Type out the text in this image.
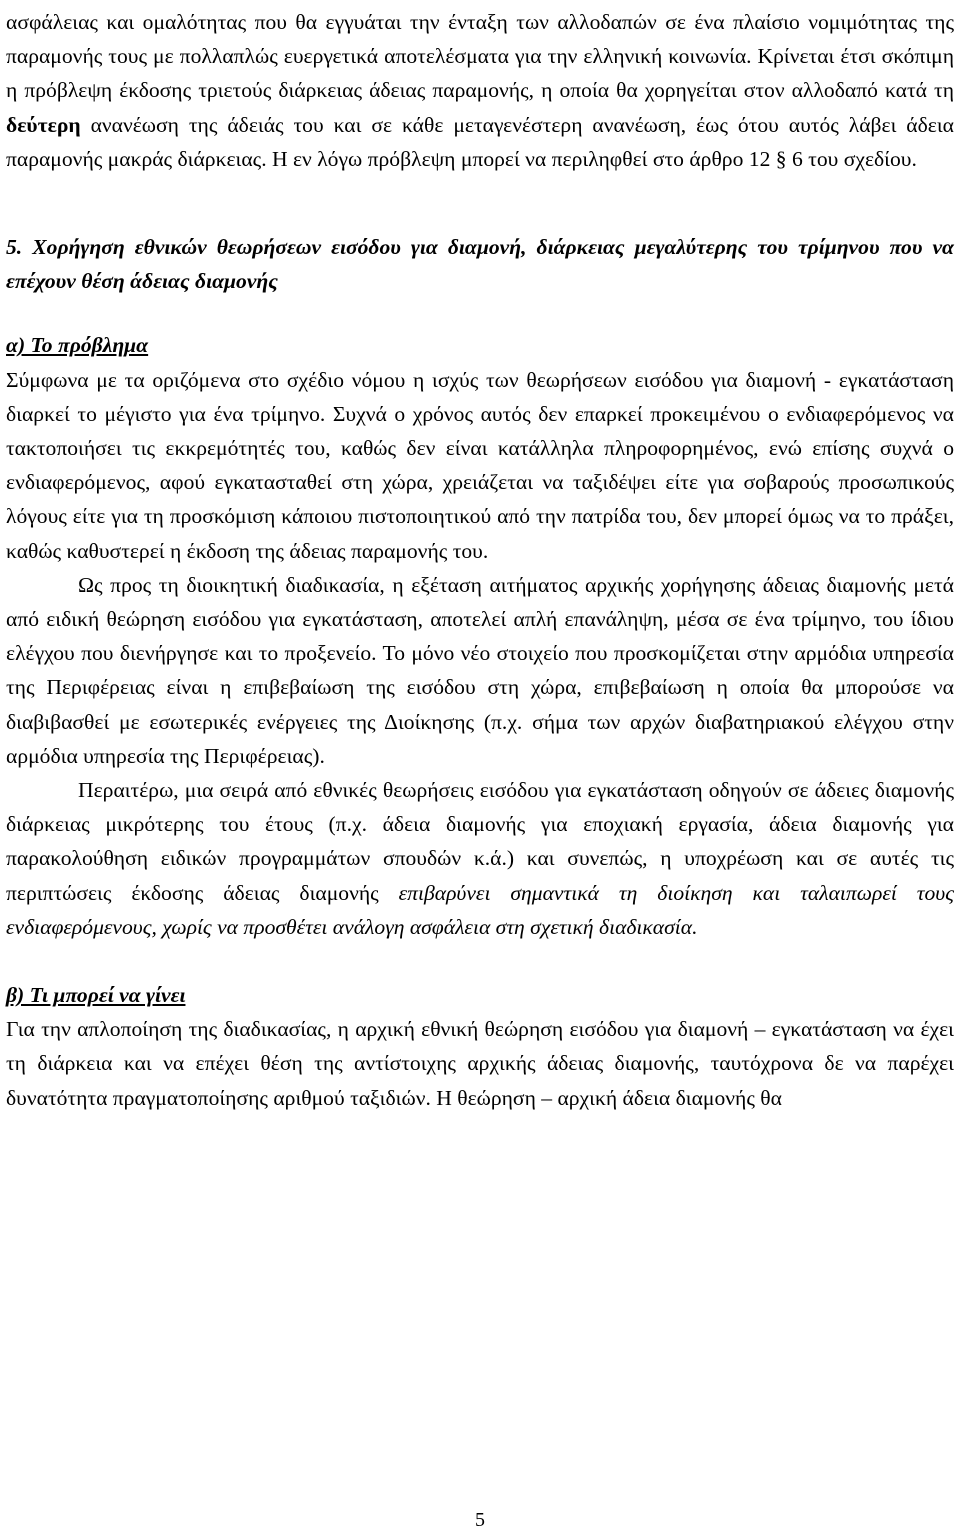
ασφάλειας και ομαλότητας που θα εγγυάται την ένταξη των αλλοδαπών σε ένα πλαίσιο νομιμότητας της παραμονής τους με πολλαπλώς ευεργετικά αποτελέσματα για την ελληνική κοινωνία. Κρίνεται έτσι σκόπιμη η πρόβλεψη έκδοσης τριετούς διάρκειας άδειας παραμονής, η οποία θα χορηγείται στον αλλοδαπό κατά τη δεύτερη ανανέωση της άδειάς του και σε κάθε μεταγενέστερη ανανέωση, έως ότου αυτός λάβει άδεια παραμονής μακράς διάρκειας. Η εν λόγω πρόβλεψη μπορεί να περιληφθεί στο άρθρο 12 § 6 του σχεδίου.

5. Χορήγηση εθνικών θεωρήσεων εισόδου για διαμονή, διάρκειας μεγαλύτερης του τρίμηνου που να επέχουν θέση άδειας διαμονής

α) Το πρόβλημα

Σύμφωνα με τα οριζόμενα στο σχέδιο νόμου η ισχύς των θεωρήσεων εισόδου για διαμονή - εγκατάσταση διαρκεί το μέγιστο για ένα τρίμηνο. Συχνά ο χρόνος αυτός δεν επαρκεί προκειμένου ο ενδιαφερόμενος να τακτοποιήσει τις εκκρεμότητές του, καθώς δεν είναι κατάλληλα πληροφορημένος, ενώ επίσης συχνά ο ενδιαφερόμενος, αφού εγκατασταθεί στη χώρα, χρειάζεται να ταξιδέψει είτε για σοβαρούς προσωπικούς λόγους είτε για τη προσκόμιση κάποιου πιστοποιητικού από την πατρίδα του, δεν μπορεί όμως να το πράξει, καθώς καθυστερεί η έκδοση της άδειας παραμονής του.

Ως προς τη διοικητική διαδικασία, η εξέταση αιτήματος αρχικής χορήγησης άδειας διαμονής μετά από ειδική θεώρηση εισόδου για εγκατάσταση, αποτελεί απλή επανάληψη, μέσα σε ένα τρίμηνο, του ίδιου ελέγχου που διενήργησε και το προξενείο. Το μόνο νέο στοιχείο που προσκομίζεται στην αρμόδια υπηρεσία της Περιφέρειας είναι η επιβεβαίωση της εισόδου στη χώρα, επιβεβαίωση η οποία θα μπορούσε να διαβιβασθεί με εσωτερικές ενέργειες της Διοίκησης (π.χ. σήμα των αρχών διαβατηριακού ελέγχου στην αρμόδια υπηρεσία της Περιφέρειας).

Περαιτέρω, μια σειρά από εθνικές θεωρήσεις εισόδου για εγκατάσταση οδηγούν σε άδειες διαμονής διάρκειας μικρότερης του έτους (π.χ. άδεια διαμονής για εποχιακή εργασία, άδεια διαμονής για παρακολούθηση ειδικών προγραμμάτων σπουδών κ.ά.) και συνεπώς, η υποχρέωση και σε αυτές τις περιπτώσεις έκδοσης άδειας διαμονής επιβαρύνει σημαντικά τη διοίκηση και ταλαιπωρεί τους ενδιαφερόμενους, χωρίς να προσθέτει ανάλογη ασφάλεια στη σχετική διαδικασία.

β) Τι μπορεί να γίνει

Για την απλοποίηση της διαδικασίας, η αρχική εθνική θεώρηση εισόδου για διαμονή – εγκατάσταση να έχει τη διάρκεια και να επέχει θέση της αντίστοιχης αρχικής άδειας διαμονής, ταυτόχρονα δε να παρέχει δυνατότητα πραγματοποίησης αριθμού ταξιδιών. Η θεώρηση – αρχική άδεια διαμονής θα

5
